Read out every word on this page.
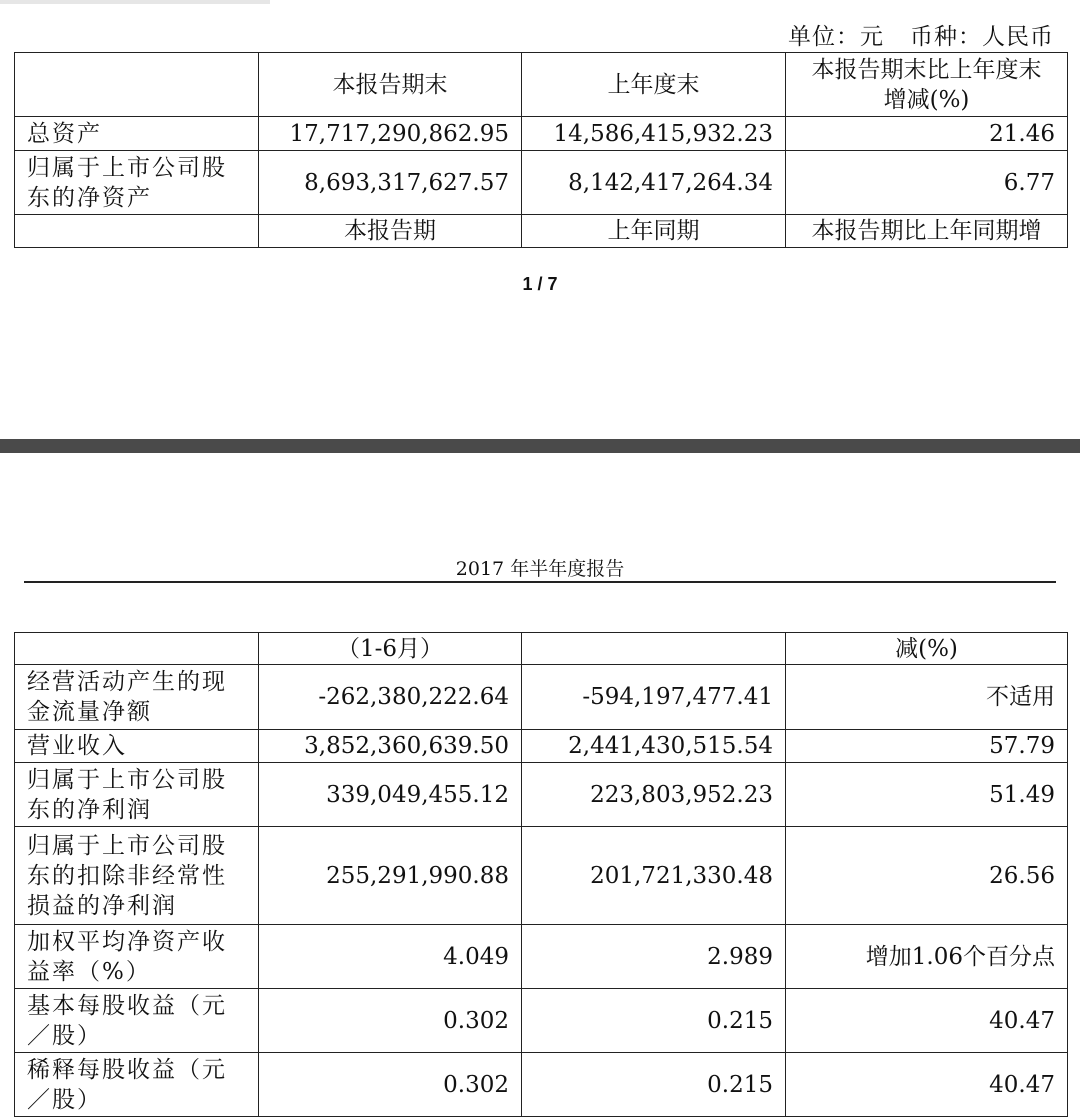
单位：元 币种：人民币
	本报告期末	上年度末	本报告期末比上年度末增减(%)
总资产	17,717,290,862.95	14,586,415,932.23	21.46
归属于上市公司股东的净资产	8,693,317,627.57	8,142,417,264.34	6.77
	本报告期	上年同期	本报告期比上年同期增
1 / 7
2017 年半年度报告
	（1-6月）		减(%)
经营活动产生的现金流量净额	-262,380,222.64	-594,197,477.41	不适用
营业收入	3,852,360,639.50	2,441,430,515.54	57.79
归属于上市公司股东的净利润	339,049,455.12	223,803,952.23	51.49
归属于上市公司股东的扣除非经常性损益的净利润	255,291,990.88	201,721,330.48	26.56
加权平均净资产收益率（%）	4.049	2.989	增加1.06个百分点
基本每股收益（元／股）	0.302	0.215	40.47
稀释每股收益（元／股）	0.302	0.215	40.47
